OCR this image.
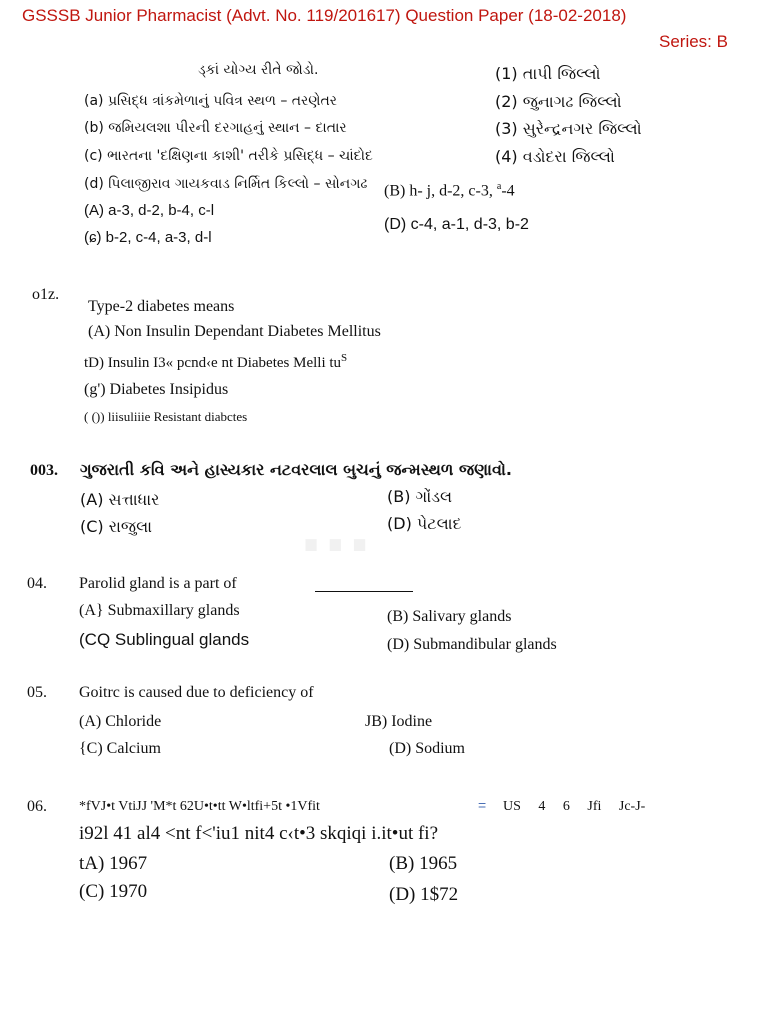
GSSSB Junior Pharmacist (Advt. No. 119/201617) Question Paper (18-02-2018)
Series: B
ડ્કાં યોગ્ય રીતે જોડો.
(a) પ્રસિદ્ધ ત્રાંકમેળાનું પવિત્ર સ્થળ – તરણેતર
(b) જમિયલશા પીરની દરગાહનું સ્થાન – દાતાર
(c) ભારતના 'દક્ષિણના કાશી' તરીકે પ્રસિદ્ધ – ચાંદોદ
(d) પિલાજીરાવ ગાયકવાડ નિર્મિત કિલ્લો – સોનગઢ
(1) તાપી જિલ્લો
(2) જુનાગઢ જિલ્લો
(3) સુરેન્દ્રનગર જિલ્લો
(4) વડોદરા જિલ્લો
(A) a-3, d-2, b-4, c-l
(B) h- j, d-2, c-3, $^a$-4
(ɕ) b-2, c-4, a-3, d-l
(D) c-4, a-1, d-3, b-2
o1z.
Type-2 diabetes means
(A) Non Insulin Dependant Diabetes Mellitus
tD) Insulin I3« pcnd‹e nt Diabetes Melli $tu^S$
(g') Diabetes Insipidus
( ()) liisuliiie Resistant diabctes
...
003. ગુજરાતી કવિ અને હાસ્યકાર નટવરલાલ બુચનું જન્મસ્થળ જણાવો.
(A) સત્તાધાર	(B) ગોંડલ
(C) રાજુલા	(D) પેટલાદ
04. Parolid gland is a part of
(A} Submaxillary glands	(B) Salivary glands
(CQ Sublingual glands	(D) Submandibular glands
05. Goitrc is caused due to deficiency of
(A) Chloride	JB) Iodine
{C) Calcium	(D) Sodium
06. *fVJ•t VtiJJ 'M*t 62U•t•tt W•ltfi+5t •1Vfit	= US 4 6 Jfi Jc-J-
i92l 41 al4 <nt f<'iu1 nit4 c‹t•3 skqiqi i.it•ut fi?
tA) 1967	(B) 1965
(C) 1970	(D) 1$72
